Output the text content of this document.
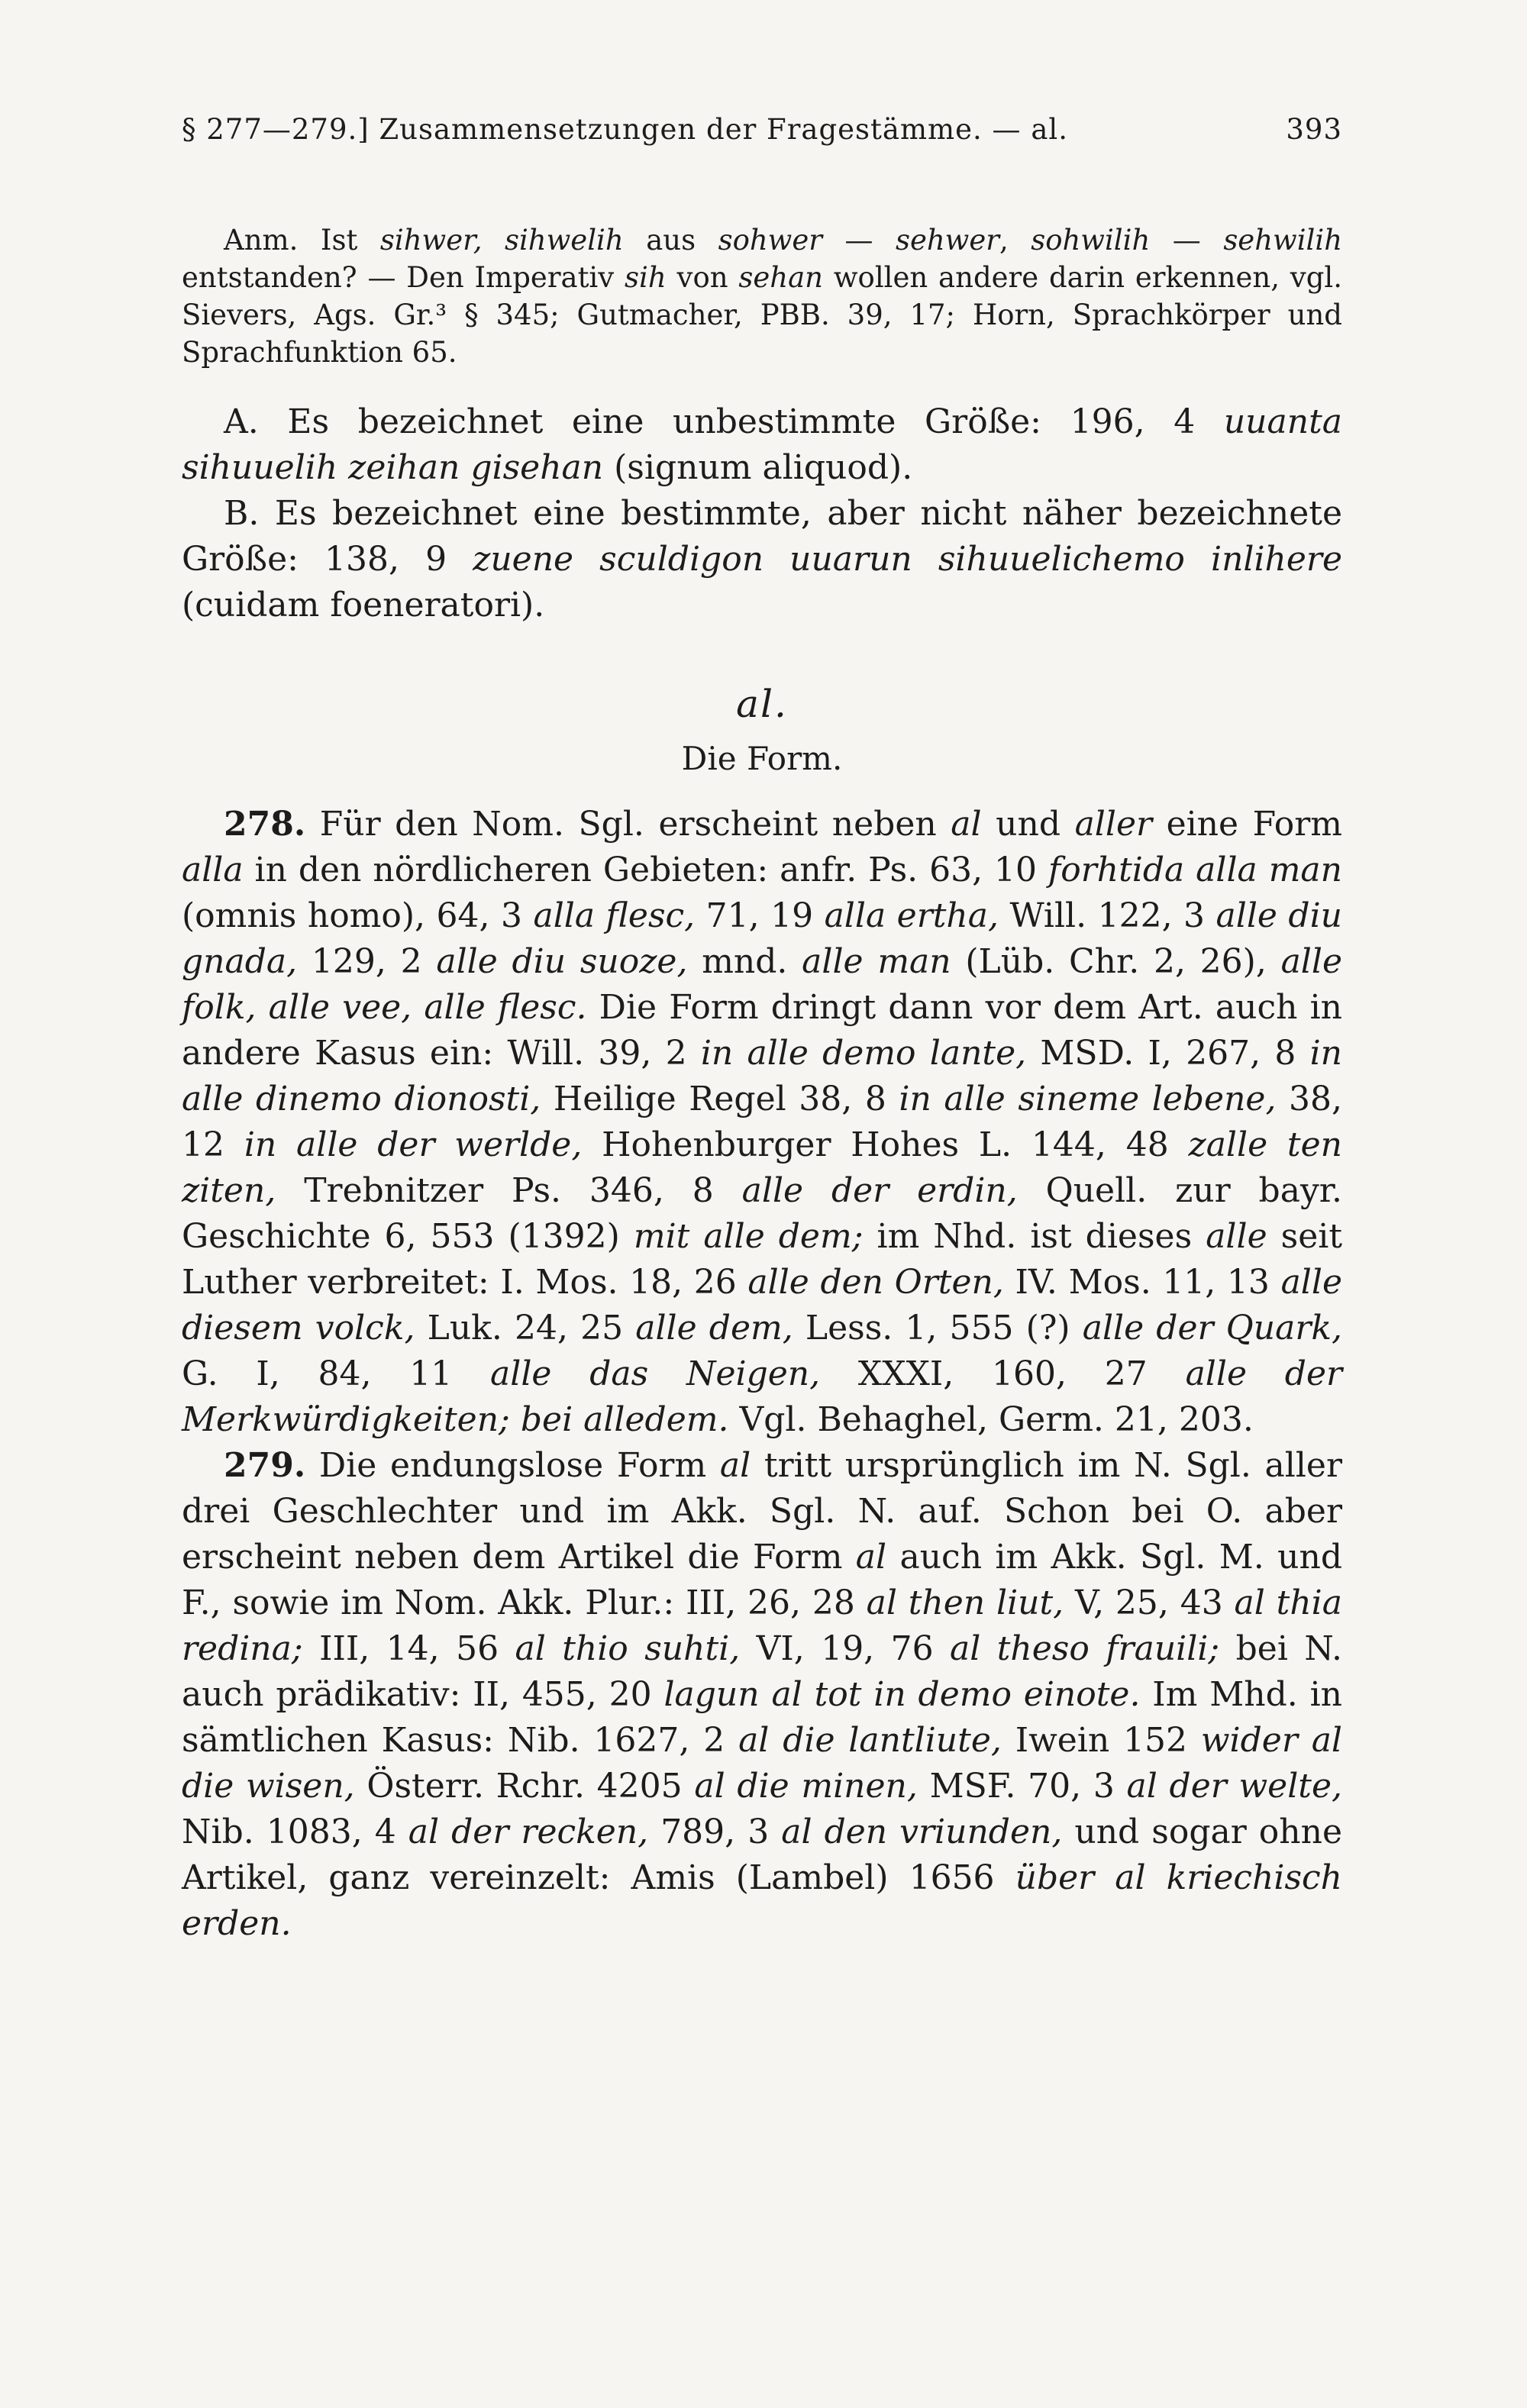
§ 277—279.] Zusammensetzungen der Fragestämme. — al.	393

Anm. Ist sihwer, sihwelih aus sohwer — sehwer, sohwilih — sehwilih entstanden? — Den Imperativ sih von sehan wollen andere darin erkennen, vgl. Sievers, Ags. Gr.³ § 345; Gutmacher, PBB. 39, 17; Horn, Sprachkörper und Sprachfunktion 65.

A. Es bezeichnet eine unbestimmte Größe: 196, 4 uuanta sihuuelih zeihan gisehan (signum aliquod).

B. Es bezeichnet eine bestimmte, aber nicht näher bezeichnete Größe: 138, 9 zuene sculdigon uuarun sihuuelichemo inlihere (cuidam foeneratori).

al.
Die Form.

278. Für den Nom. Sgl. erscheint neben al und aller eine Form alla in den nördlicheren Gebieten: anfr. Ps. 63, 10 forhtida alla man (omnis homo), 64, 3 alla flesc, 71, 19 alla ertha, Will. 122, 3 alle diu gnada, 129, 2 alle diu suoze, mnd. alle man (Lüb. Chr. 2, 26), alle folk, alle vee, alle flesc. Die Form dringt dann vor dem Art. auch in andere Kasus ein: Will. 39, 2 in alle demo lante, MSD. I, 267, 8 in alle dinemo dionosti, Heilige Regel 38, 8 in alle sineme lebene, 38, 12 in alle der werlde, Hohenburger Hohes L. 144, 48 zalle ten ziten, Trebnitzer Ps. 346, 8 alle der erdin, Quell. zur bayr. Geschichte 6, 553 (1392) mit alle dem; im Nhd. ist dieses alle seit Luther verbreitet: I. Mos. 18, 26 alle den Orten, IV. Mos. 11, 13 alle diesem volck, Luk. 24, 25 alle dem, Less. 1, 555 (?) alle der Quark, G. I, 84, 11 alle das Neigen, XXXI, 160, 27 alle der Merkwürdigkeiten; bei alledem. Vgl. Behaghel, Germ. 21, 203.

279. Die endungslose Form al tritt ursprünglich im N. Sgl. aller drei Geschlechter und im Akk. Sgl. N. auf. Schon bei O. aber erscheint neben dem Artikel die Form al auch im Akk. Sgl. M. und F., sowie im Nom. Akk. Plur.: III, 26, 28 al then liut, V, 25, 43 al thia redina; III, 14, 56 al thio suhti, VI, 19, 76 al theso frauili; bei N. auch prädikativ: II, 455, 20 lagun al tot in demo einote. Im Mhd. in sämtlichen Kasus: Nib. 1627, 2 al die lantliute, Iwein 152 wider al die wisen, Österr. Rchr. 4205 al die minen, MSF. 70, 3 al der welte, Nib. 1083, 4 al der recken, 789, 3 al den vriunden, und sogar ohne Artikel, ganz vereinzelt: Amis (Lambel) 1656 über al kriechisch erden.
